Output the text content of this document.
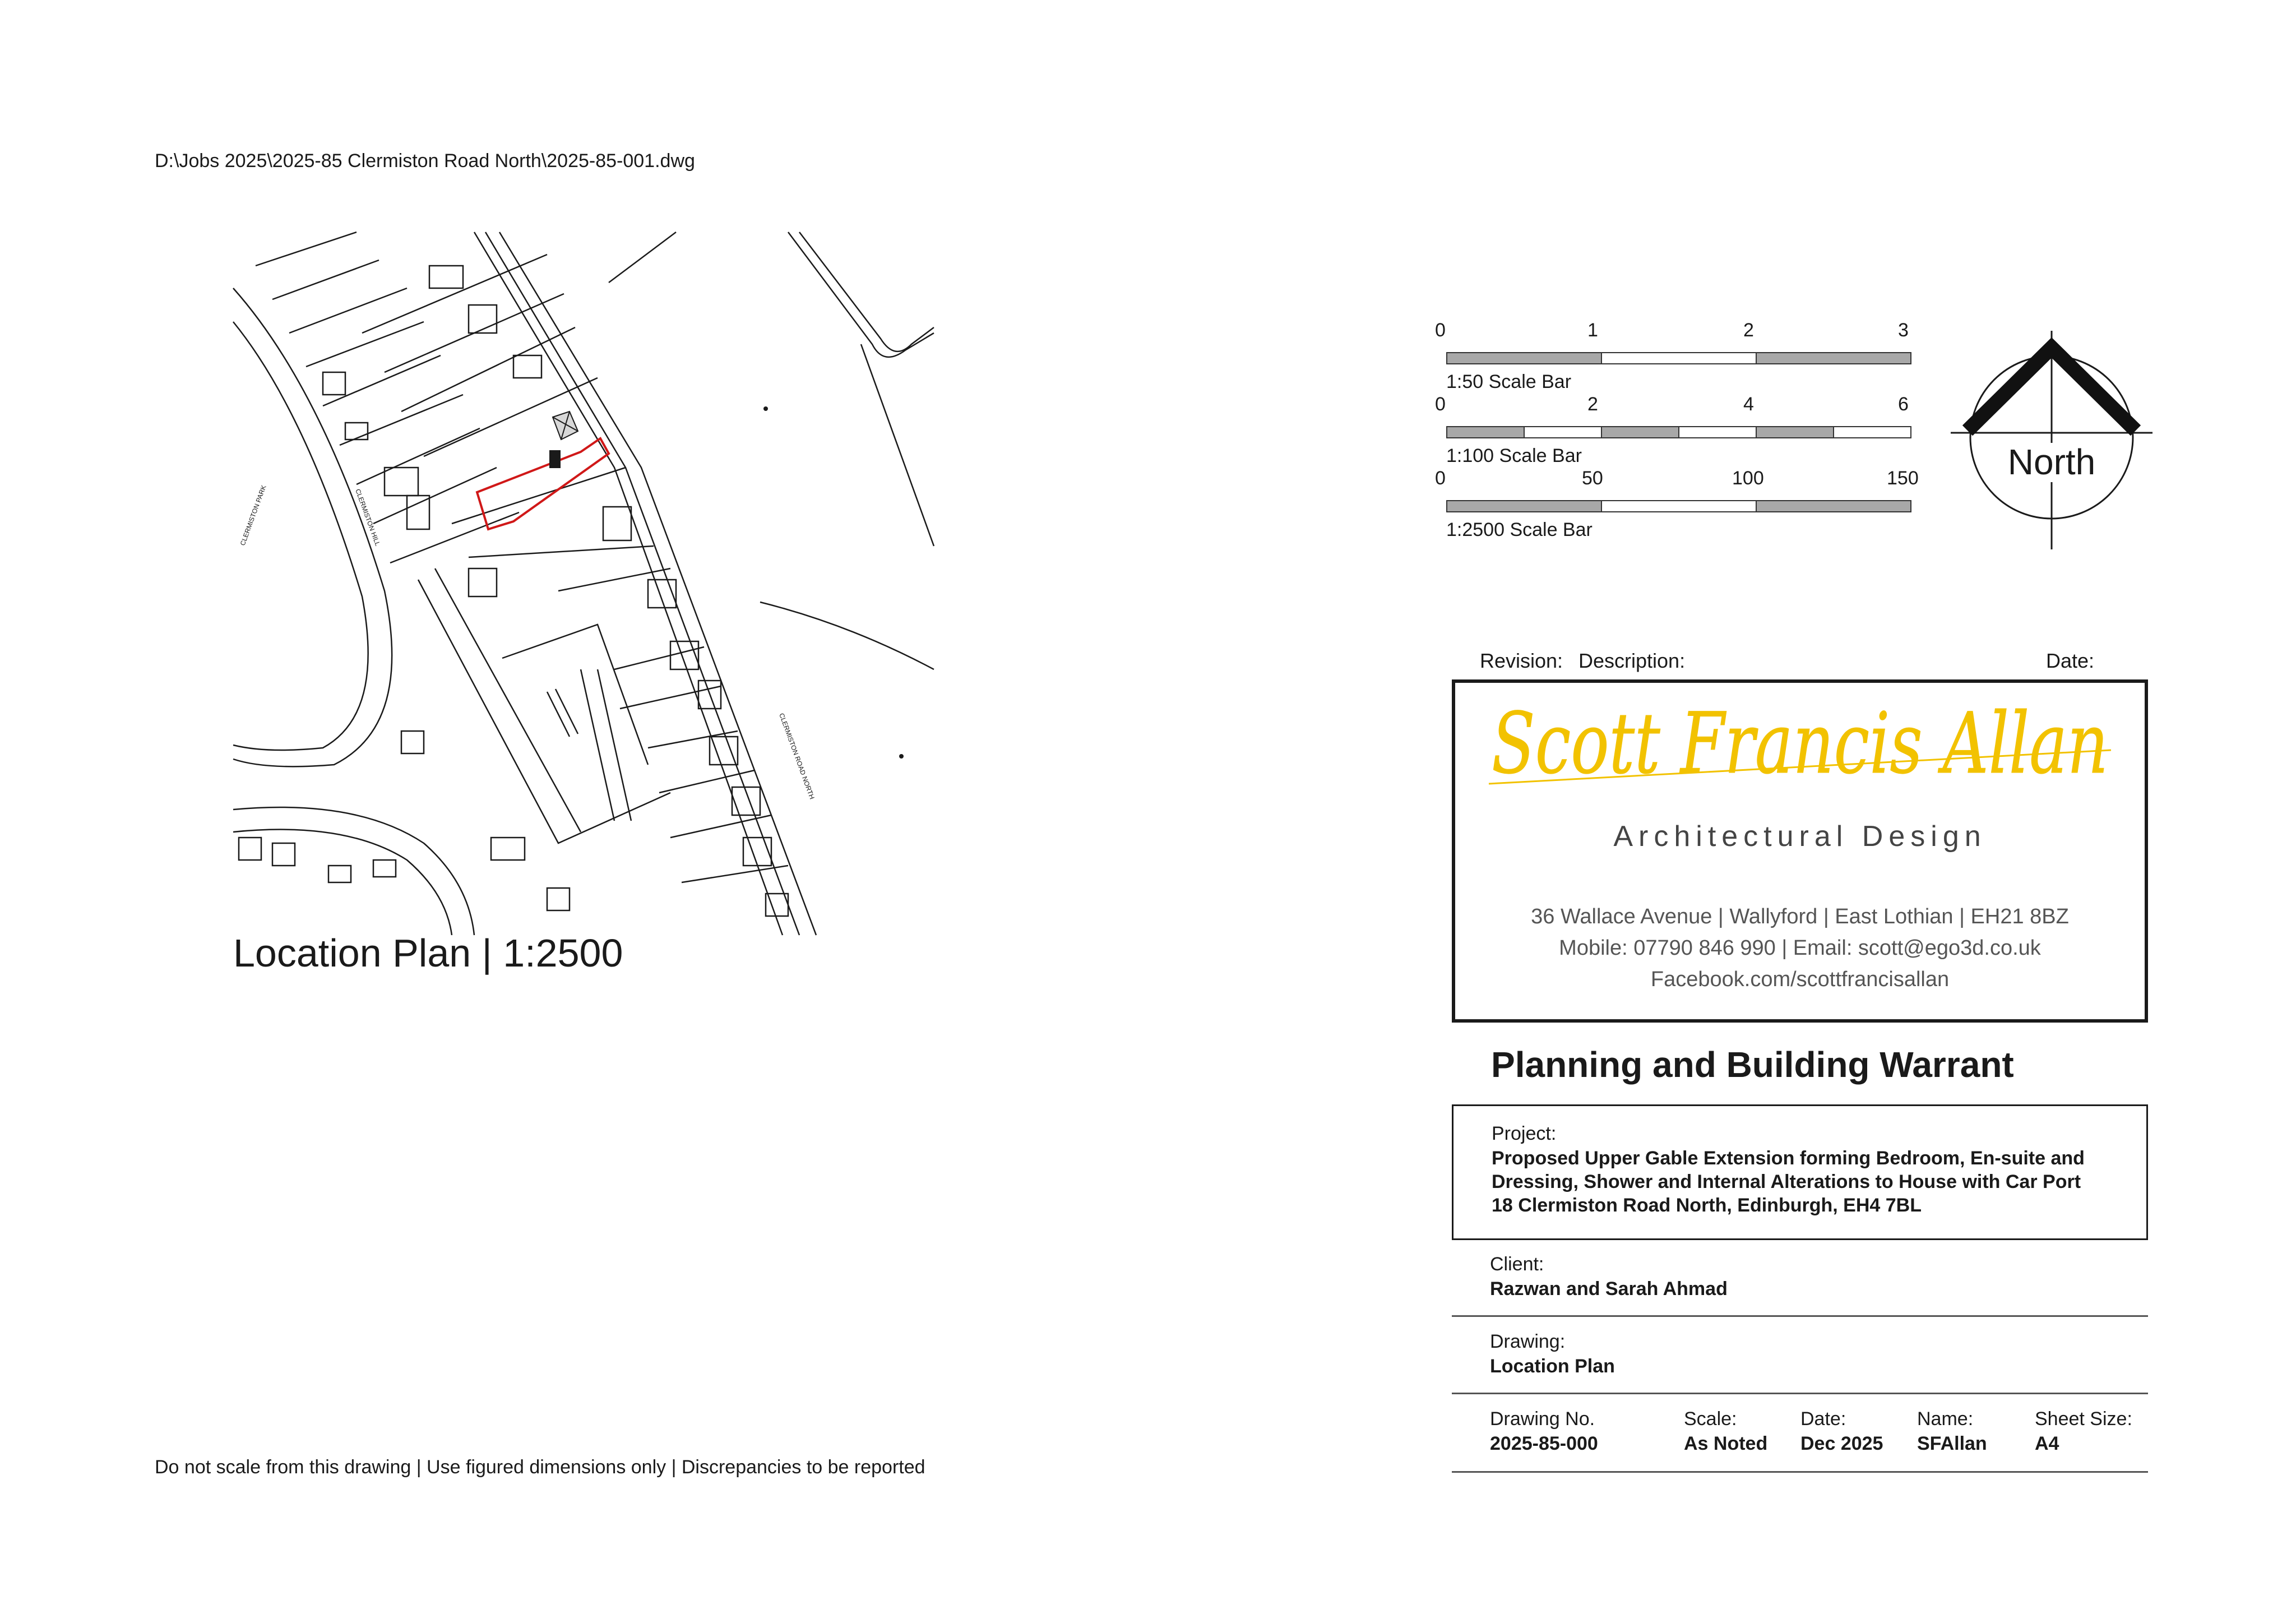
D:\Jobs 2025\2025-85 Clermiston Road North\2025-85-001.dwg
CLERMISTON PARK	CLERMISTON HILL
CLERMISTON ROAD NORTH
Location Plan | 1:2500
0	1	2	3
1:50 Scale Bar
0	2	4	6
1:100 Scale Bar
0	50	100	150
1:2500 Scale Bar
North
Revision: Description:	Date:
Scott Francis Allan
Architectural Design
36 Wallace Avenue | Wallyford | East Lothian | EH21 8BZ
Mobile: 07790 846 990 | Email: scott@ego3d.co.uk
Facebook.com/scottfrancisallan
Planning and Building Warrant
Project:
Proposed Upper Gable Extension forming Bedroom, En-suite and
Dressing, Shower and Internal Alterations to House with Car Port
18 Clermiston Road North, Edinburgh, EH4 7BL
Client:
Razwan and Sarah Ahmad
Drawing:
Location Plan
Drawing No.
2025-85-000
Scale:
As Noted
Date:
Dec 2025
Name:
SFAllan
Sheet Size:
A4
Do not scale from this drawing | Use figured dimensions only | Discrepancies to be reported
